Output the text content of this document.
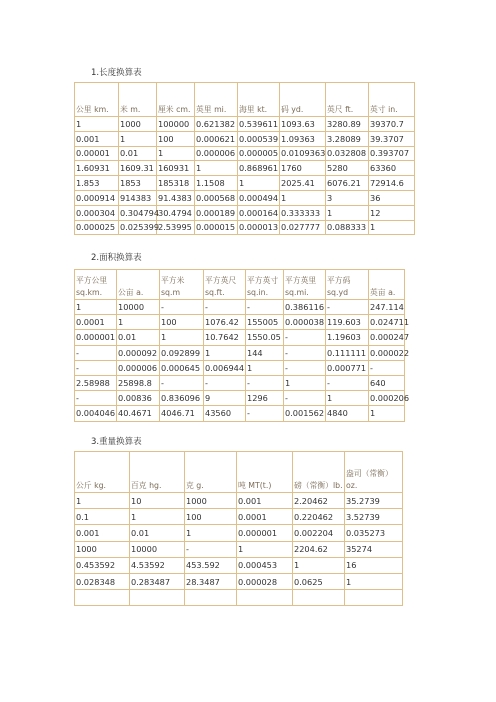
1.长度换算表
公里 km.	米 m.	厘米 cm.	英里 mi.	海里 kt.	码 yd.	英尺 ft.	英寸 in.
1	1000	100000	0.621382	0.539611	1093.63	3280.89	39370.7
0.001	1	100	0.000621	0.000539	1.09363	3.28089	39.3707
0.00001	0.01	1	0.000006	0.000005	0.0109363	0.032808	0.393707
1.60931	1609.31	160931	1	0.868961	1760	5280	63360
1.853	1853	185318	1.1508	1	2025.41	6076.21	72914.6
0.000914	914383	91.4383	0.000568	0.000494	1	3	36
0.000304	0.304794	30.4794	0.000189	0.000164	0.333333	1	12
0.000025	0.025399	2.53995	0.000015	0.000013	0.027777	0.088333	1
2.面积换算表
平方公里 sq.km.	公亩 a.	平方米 sq.m	平方英尺 sq.ft.	平方英寸 sq.in.	平方英里 sq.mi.	平方码 sq.yd	英亩 a.
1	10000	-	-	-	0.386116	-	247.114
0.0001	1	100	1076.42	155005	0.000038	119.603	0.024711
0.000001	0.01	1	10.7642	1550.05	-	1.19603	0.000247
-	0.000092	0.092899	1	144	-	0.111111	0.000022
-	0.000006	0.000645	0.006944	1	-	0.000771	-
2.58988	25898.8	-	-	-	1	-	640
-	0.00836	0.836096	9	1296	-	1	0.000206
0.004046	40.4671	4046.71	43560	-	0.001562	4840	1
3.重量换算表
公斤 kg.	百克 hg.	克 g.	吨 MT(t.)	磅（常衡）lb.	盎司（常衡）oz.
1	10	1000	0.001	2.20462	35.2739
0.1	1	100	0.0001	0.220462	3.52739
0.001	0.01	1	0.000001	0.002204	0.035273
1000	10000	-	1	2204.62	35274
0.453592	4.53592	453.592	0.000453	1	16
0.028348	0.283487	28.3487	0.000028	0.0625	1
